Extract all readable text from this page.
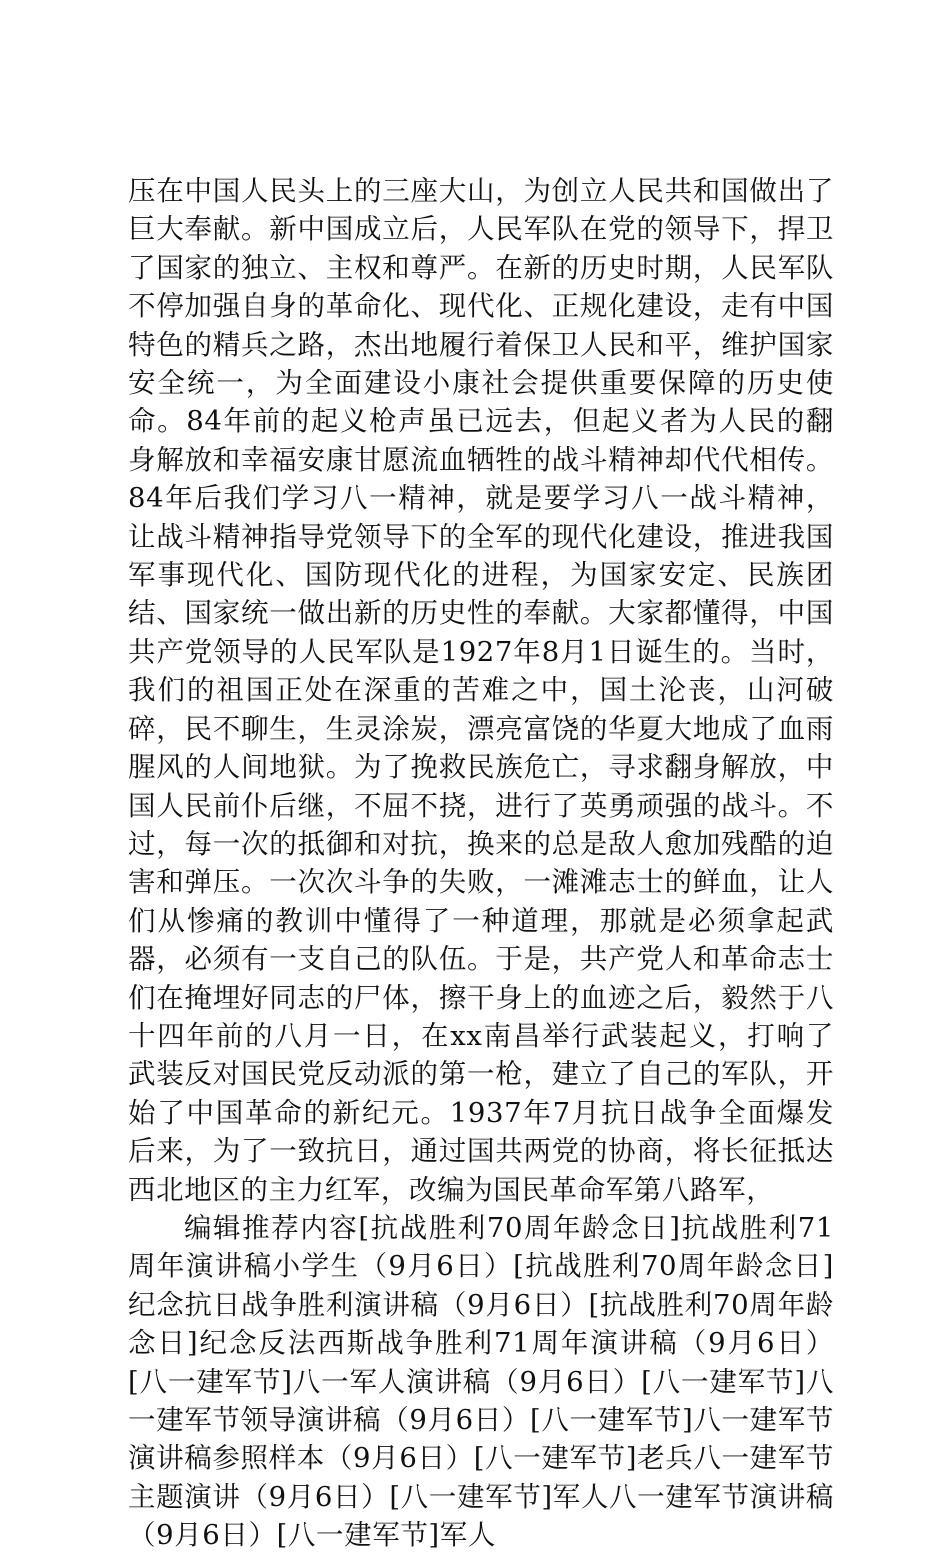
压在中国人民头上的三座大山，为创立人民共和国做出了巨大奉献。新中国成立后，人民军队在党的领导下，捍卫了国家的独立、主权和尊严。在新的历史时期，人民军队不停加强自身的革命化、现代化、正规化建设，走有中国特色的精兵之路，杰出地履行着保卫人民和平，维护国家安全统一，为全面建设小康社会提供重要保障的历史使命。84年前的起义枪声虽已远去，但起义者为人民的翻身解放和幸福安康甘愿流血牺牲的战斗精神却代代相传。84年后我们学习八一精神，就是要学习八一战斗精神，让战斗精神指导党领导下的全军的现代化建设，推进我国军事现代化、国防现代化的进程，为国家安定、民族团结、国家统一做出新的历史性的奉献。大家都懂得，中国共产党领导的人民军队是1927年8月1日诞生的。当时，我们的祖国正处在深重的苦难之中，国土沦丧，山河破碎，民不聊生，生灵涂炭，漂亮富饶的华夏大地成了血雨腥风的人间地狱。为了挽救民族危亡，寻求翻身解放，中国人民前仆后继，不屈不挠，进行了英勇顽强的战斗。不过，每一次的抵御和对抗，换来的总是敌人愈加残酷的迫害和弹压。一次次斗争的失败，一滩滩志士的鲜血，让人们从惨痛的教训中懂得了一种道理，那就是必须拿起武器，必须有一支自己的队伍。于是，共产党人和革命志士们在掩埋好同志的尸体，擦干身上的血迹之后，毅然于八十四年前的八月一日，在xx南昌举行武装起义，打响了武装反对国民党反动派的第一枪，建立了自己的军队，开始了中国革命的新纪元。1937年7月抗日战争全面爆发后来，为了一致抗日，通过国共两党的协商，将长征抵达西北地区的主力红军，改编为国民革命军第八路军，

编辑推荐内容[抗战胜利70周年龄念日]抗战胜利71周年演讲稿小学生（9月6日）[抗战胜利70周年龄念日]纪念抗日战争胜利演讲稿（9月6日）[抗战胜利70周年龄念日]纪念反法西斯战争胜利71周年演讲稿（9月6日）[八一建军节]八一军人演讲稿（9月6日）[八一建军节]八一建军节领导演讲稿（9月6日）[八一建军节]八一建军节演讲稿参照样本（9月6日）[八一建军节]老兵八一建军节主题演讲（9月6日）[八一建军节]军人八一建军节演讲稿（9月6日）[八一建军节]军人
